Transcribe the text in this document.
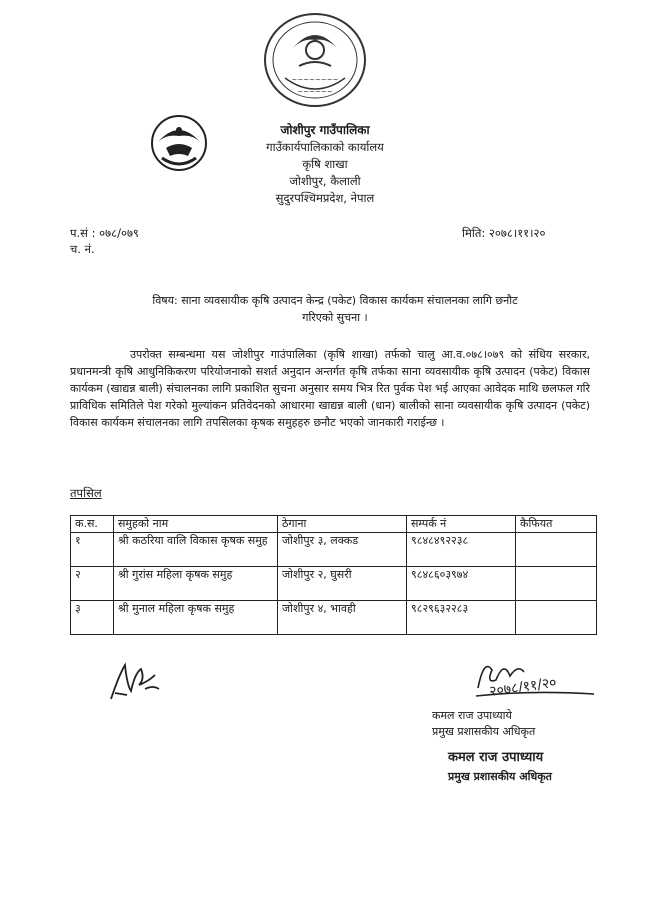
~~~~~~~~
~~~~~~
जोशीपुर गाउँपालिका
गाउँकार्यपालिकाको कार्यालय
कृषि शाखा
जोशीपुर, कैलाली
सुदुरपश्चिमप्रदेश, नेपाल
प.सं : ०७८/०७९
च. नं.
मिति: २०७८।११।२०
विषय: साना व्यवसायीक कृषि उत्पादन केन्द्र (पकेट) विकास कार्यकम संचालनका लागि छनौट
गरिएको सुचना ।

उपरोक्त सम्बन्धमा यस जोशीपुर गाउंपालिका (कृषि शाखा) तर्फको चालु आ.व.०७८।०७९ को संधिय सरकार, प्रधानमन्त्री कृषि आधुनिकिकरण परियोजनाको सशर्त अनुदान अन्तर्गत कृषि तर्फका साना व्यवसायीक कृषि उत्पादन (पकेट) विकास कार्यकम (खाद्यन्न बाली) संचालनका लागि प्रकाशित सुचना अनुसार समय भित्र रित पुर्वक पेश भई आएका आवेदक माथि छलफल गरि प्राविधिक समितिले पेश गरेको मुल्यांकन प्रतिवेदनको आधारमा खाद्यन्न बाली (धान) बालीको साना व्यवसायीक कृषि उत्पादन (पकेट) विकास कार्यकम संचालनका लागि तपसिलका कृषक समुहहरु छनौट भएको जानकारी गराईन्छ ।

तपसिल
क.स.	समुहको नाम	ठेगाना	सम्पर्क नं	कैफियत
१	श्री कठरिया वालि विकास कृषक समुह	जोशीपुर ३, लक्कड	९८४८४९२२३८	
२	श्री गुरांस महिला कृषक समुह	जोशीपुर २, घुसरी	९८४८६०३९७४	
३	श्री मुनाल महिला कृषक समुह	जोशीपुर ४, भावही	९८२९६३२२८३	
२०७८/११/२०
कमल राज उपाध्याये
प्रमुख प्रशासकीय अधिकृत
कमल राज उपाध्याय
प्रमुख प्रशासकीय अधिकृत
